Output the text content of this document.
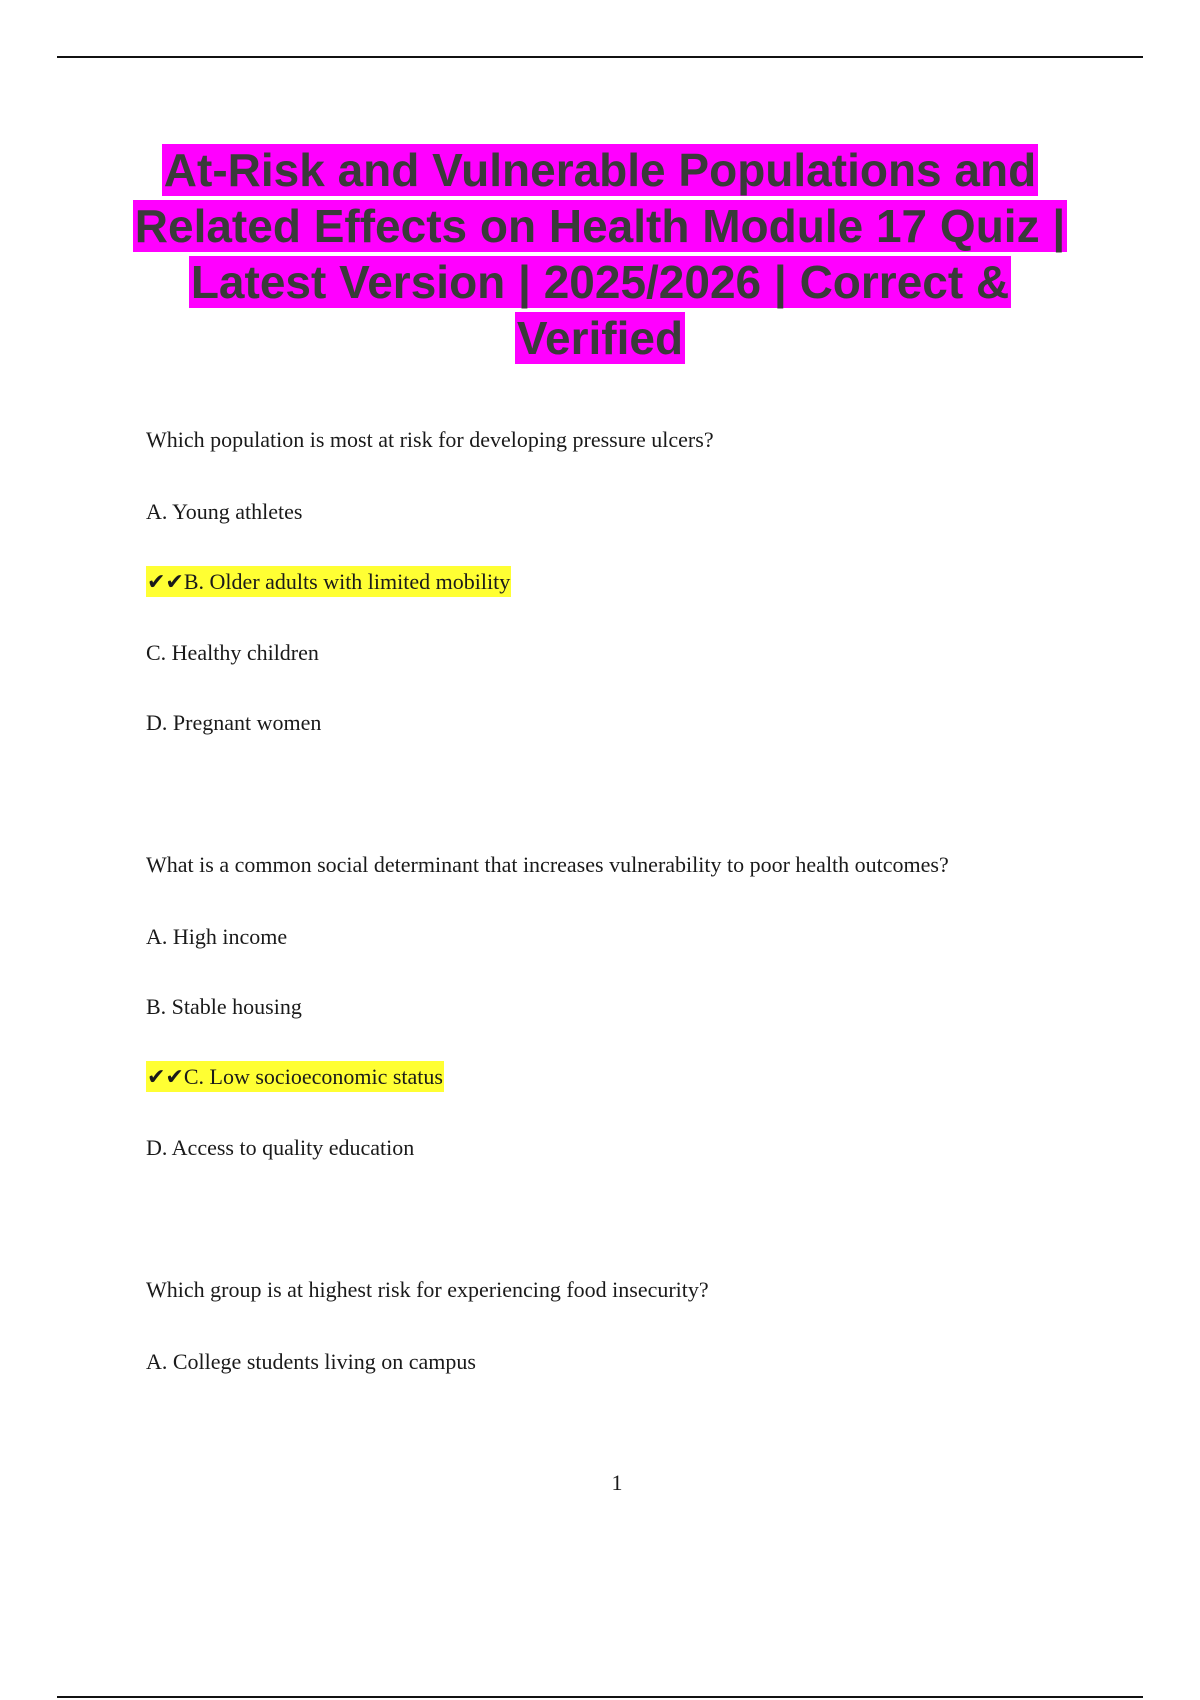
At-Risk and Vulnerable Populations and Related Effects on Health Module 17 Quiz | Latest Version | 2025/2026 | Correct & Verified
Which population is most at risk for developing pressure ulcers?
A. Young athletes
✔✔B. Older adults with limited mobility
C. Healthy children
D. Pregnant women
What is a common social determinant that increases vulnerability to poor health outcomes?
A. High income
B. Stable housing
✔✔C. Low socioeconomic status
D. Access to quality education
Which group is at highest risk for experiencing food insecurity?
A. College students living on campus
1
